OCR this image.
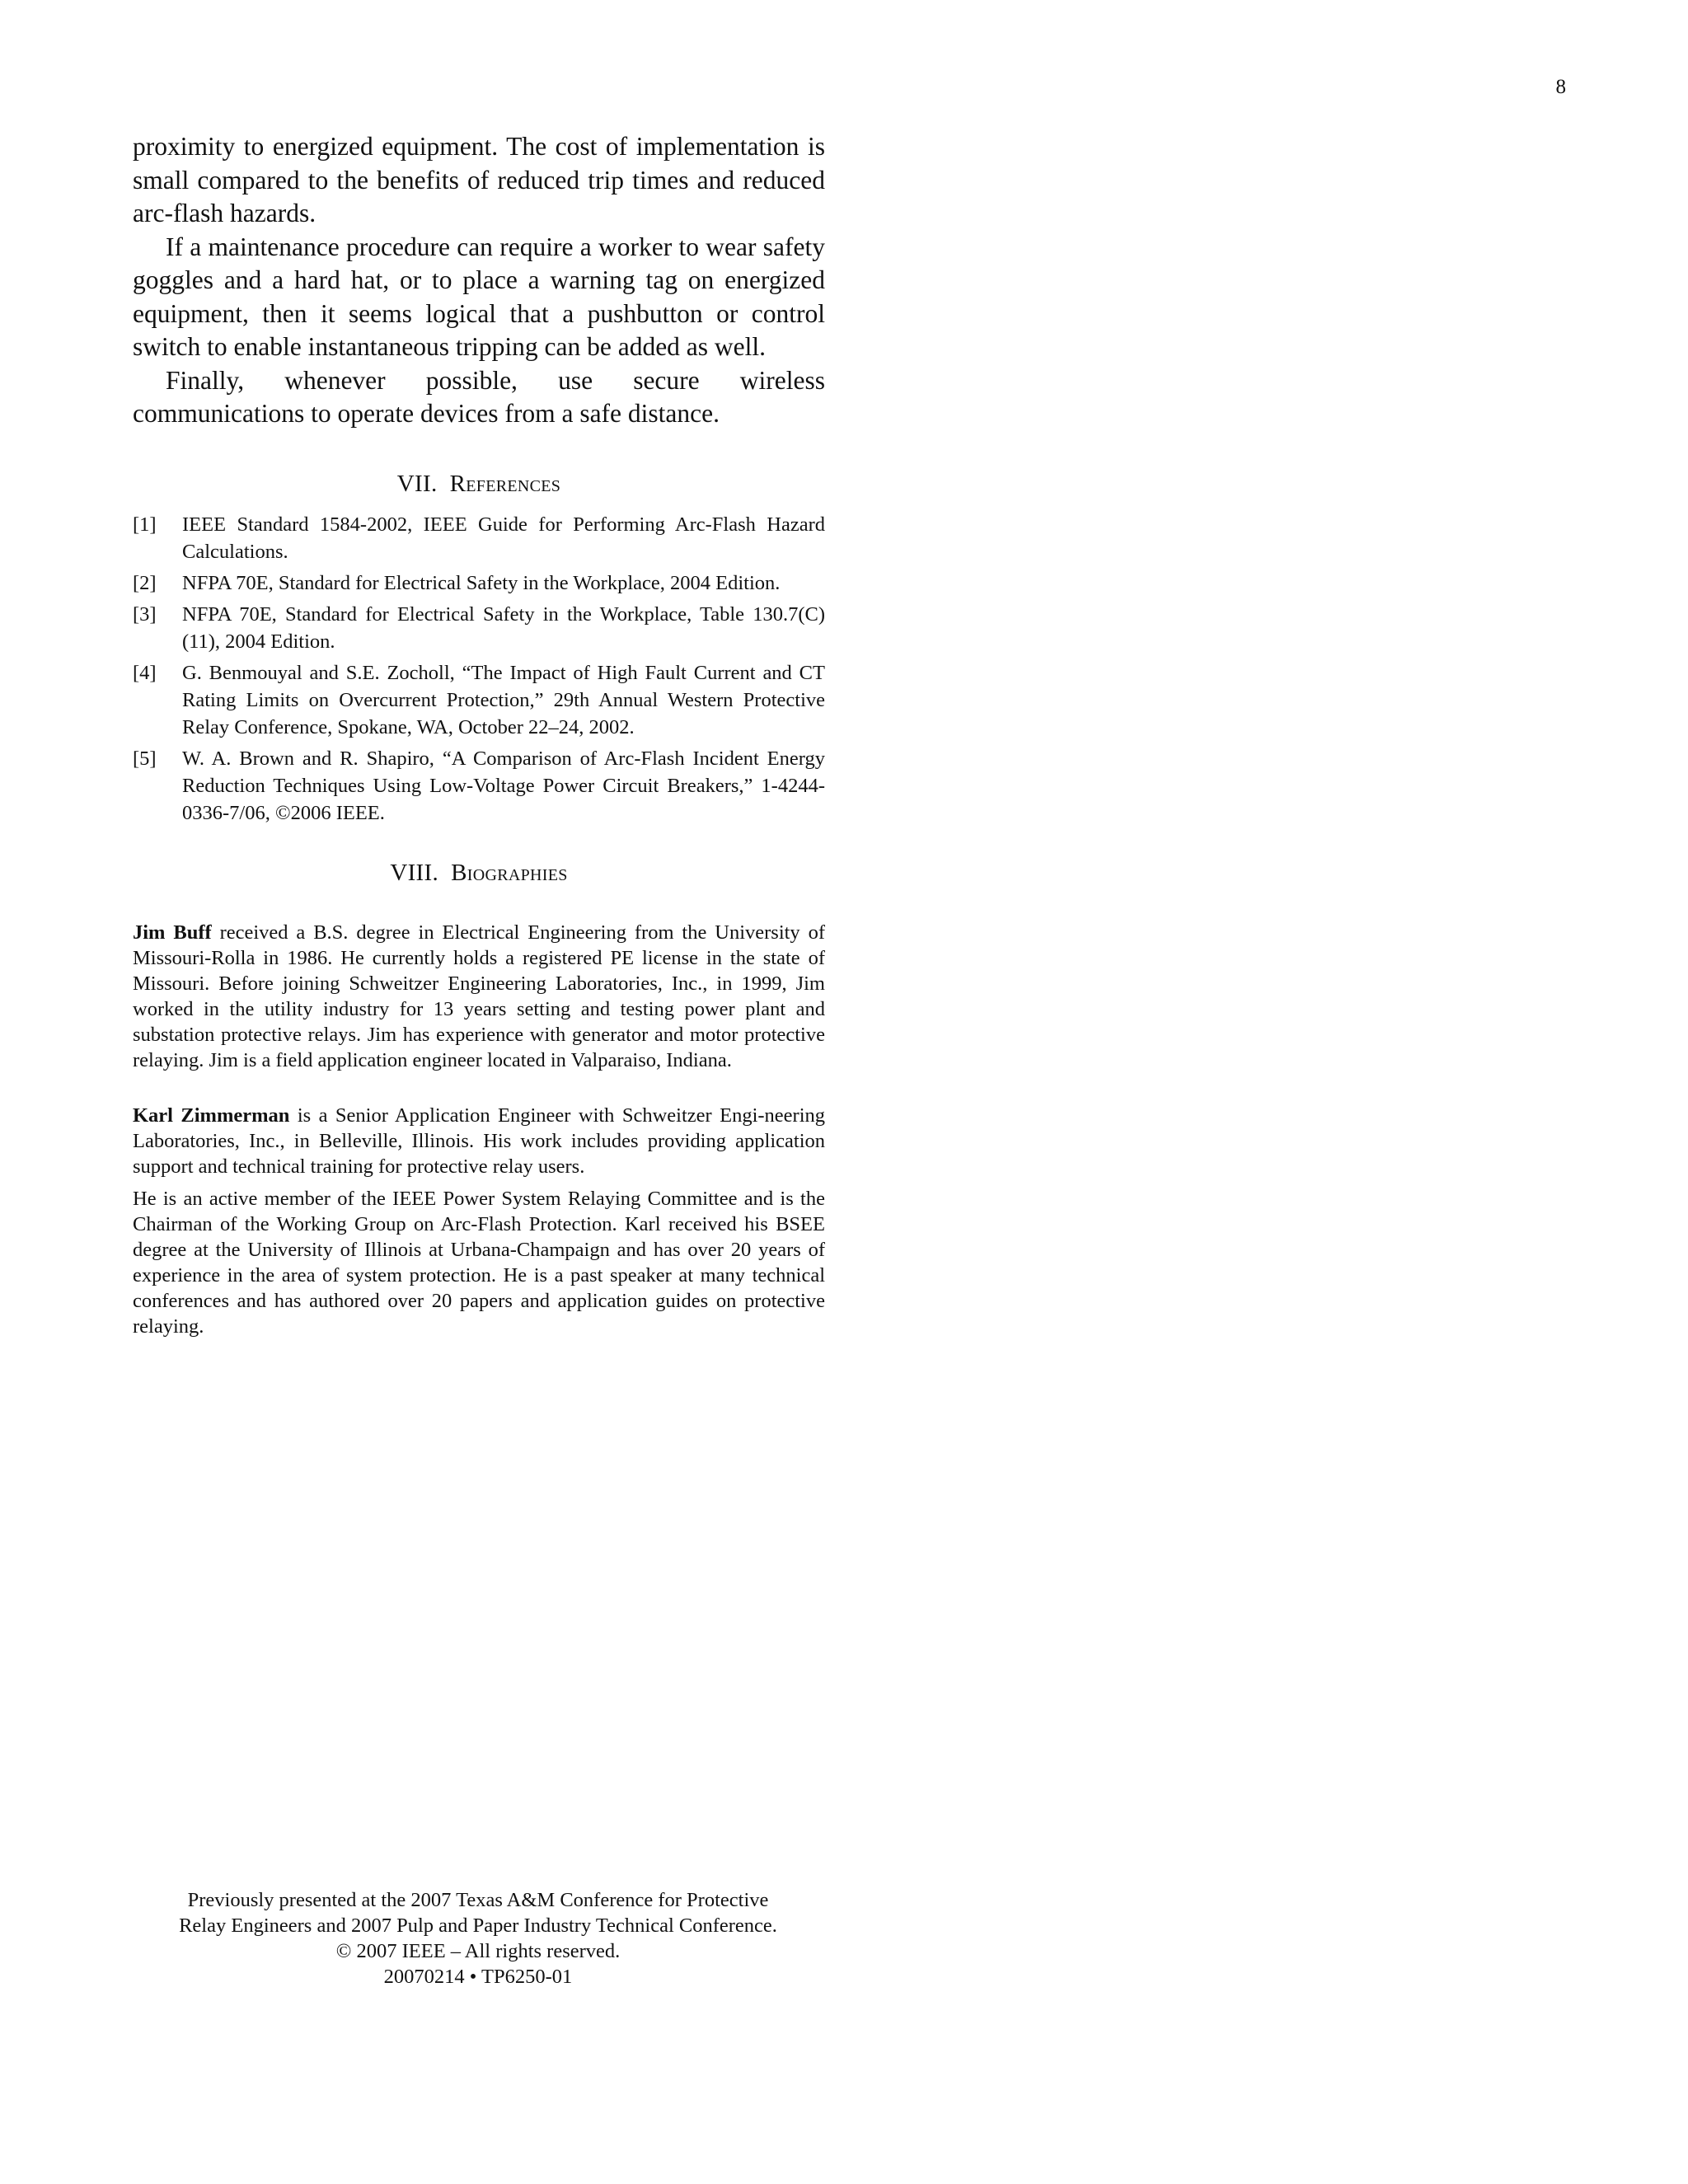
8

proximity to energized equipment. The cost of implementation is small compared to the benefits of reduced trip times and reduced arc-flash hazards.

If a maintenance procedure can require a worker to wear safety goggles and a hard hat, or to place a warning tag on energized equipment, then it seems logical that a pushbutton or control switch to enable instantaneous tripping can be added as well.

Finally, whenever possible, use secure wireless communications to operate devices from a safe distance.

VII. References
[1]	IEEE Standard 1584-2002, IEEE Guide for Performing Arc-Flash Hazard Calculations.
[2]	NFPA 70E, Standard for Electrical Safety in the Workplace, 2004 Edition.
[3]	NFPA 70E, Standard for Electrical Safety in the Workplace, Table 130.7(C)(11), 2004 Edition.
[4]	G. Benmouyal and S.E. Zocholl, “The Impact of High Fault Current and CT Rating Limits on Overcurrent Protection,” 29th Annual Western Protective Relay Conference, Spokane, WA, October 22–24, 2002.
[5]	W. A. Brown and R. Shapiro, “A Comparison of Arc-Flash Incident Energy Reduction Techniques Using Low-Voltage Power Circuit Breakers,” 1-4244-0336-7/06, ©2006 IEEE.
VIII. Biographies

Jim Buff received a B.S. degree in Electrical Engineering from the University of Missouri-Rolla in 1986. He currently holds a registered PE license in the state of Missouri. Before joining Schweitzer Engineering Laboratories, Inc., in 1999, Jim worked in the utility industry for 13 years setting and testing power plant and substation protective relays. Jim has experience with generator and motor protective relaying. Jim is a field application engineer located in Valparaiso, Indiana.

Karl Zimmerman is a Senior Application Engineer with Schweitzer Engi-neering Laboratories, Inc., in Belleville, Illinois. His work includes providing application support and technical training for protective relay users.

He is an active member of the IEEE Power System Relaying Committee and is the Chairman of the Working Group on Arc-Flash Protection. Karl received his BSEE degree at the University of Illinois at Urbana-Champaign and has over 20 years of experience in the area of system protection. He is a past speaker at many technical conferences and has authored over 20 papers and application guides on protective relaying.

Previously presented at the 2007 Texas A&M Conference for Protective
Relay Engineers and 2007 Pulp and Paper Industry Technical Conference.
© 2007 IEEE – All rights reserved.
20070214 • TP6250-01
